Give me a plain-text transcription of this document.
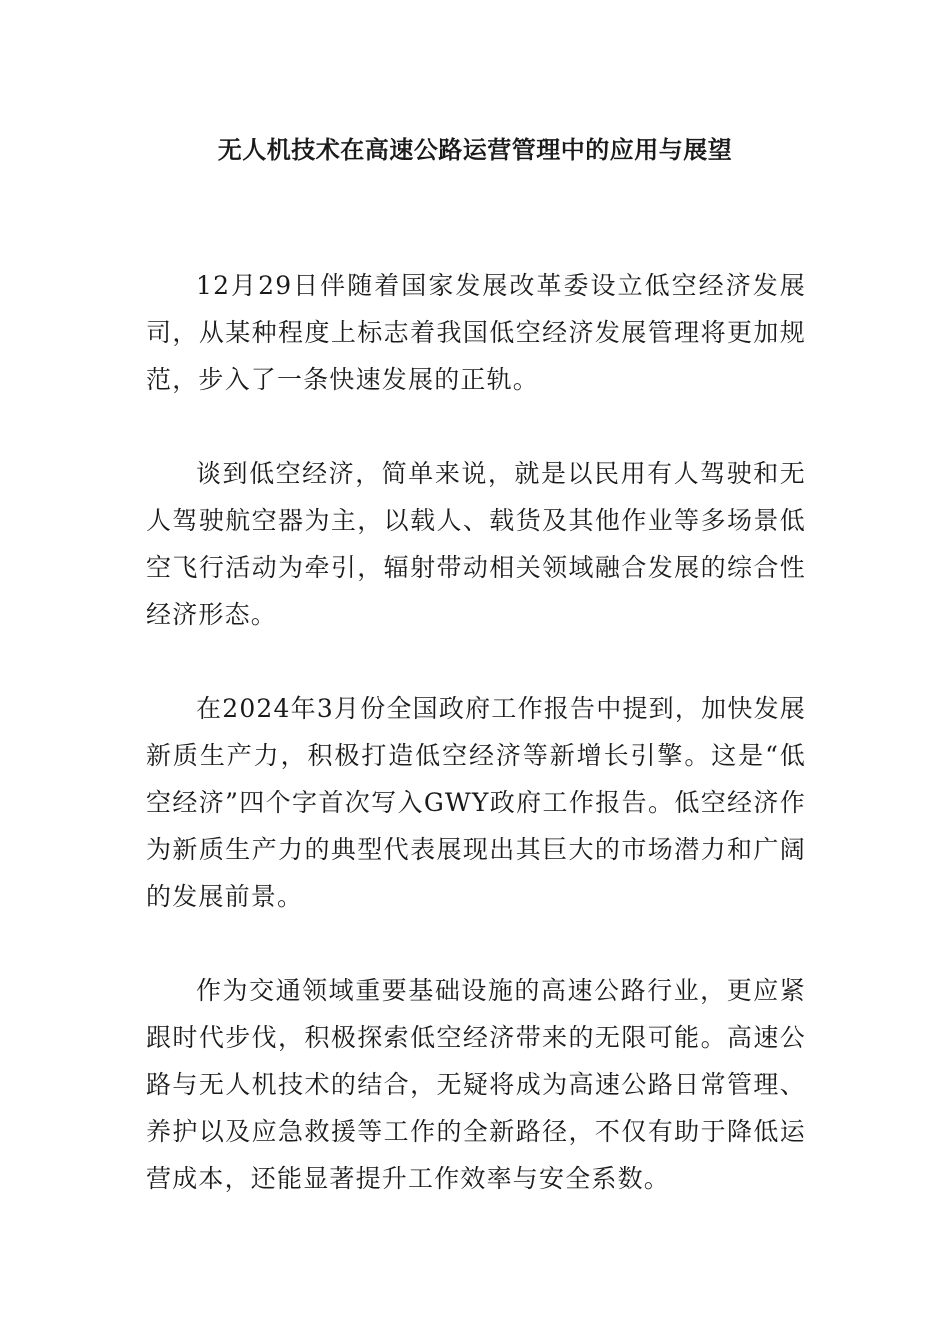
无人机技术在高速公路运营管理中的应用与展望

12月29日伴随着国家发展改革委设立低空经济发展司，从某种程度上标志着我国低空经济发展管理将更加规范，步入了一条快速发展的正轨。

谈到低空经济，简单来说，就是以民用有人驾驶和无人驾驶航空器为主，以载人、载货及其他作业等多场景低空飞行活动为牵引，辐射带动相关领域融合发展的综合性经济形态。

在2024年3月份全国政府工作报告中提到，加快发展新质生产力，积极打造低空经济等新增长引擎。这是“低空经济”四个字首次写入GWY政府工作报告。低空经济作为新质生产力的典型代表展现出其巨大的市场潜力和广阔的发展前景。

作为交通领域重要基础设施的高速公路行业，更应紧跟时代步伐，积极探索低空经济带来的无限可能。高速公路与无人机技术的结合，无疑将成为高速公路日常管理、养护以及应急救援等工作的全新路径，不仅有助于降低运营成本，还能显著提升工作效率与安全系数。
